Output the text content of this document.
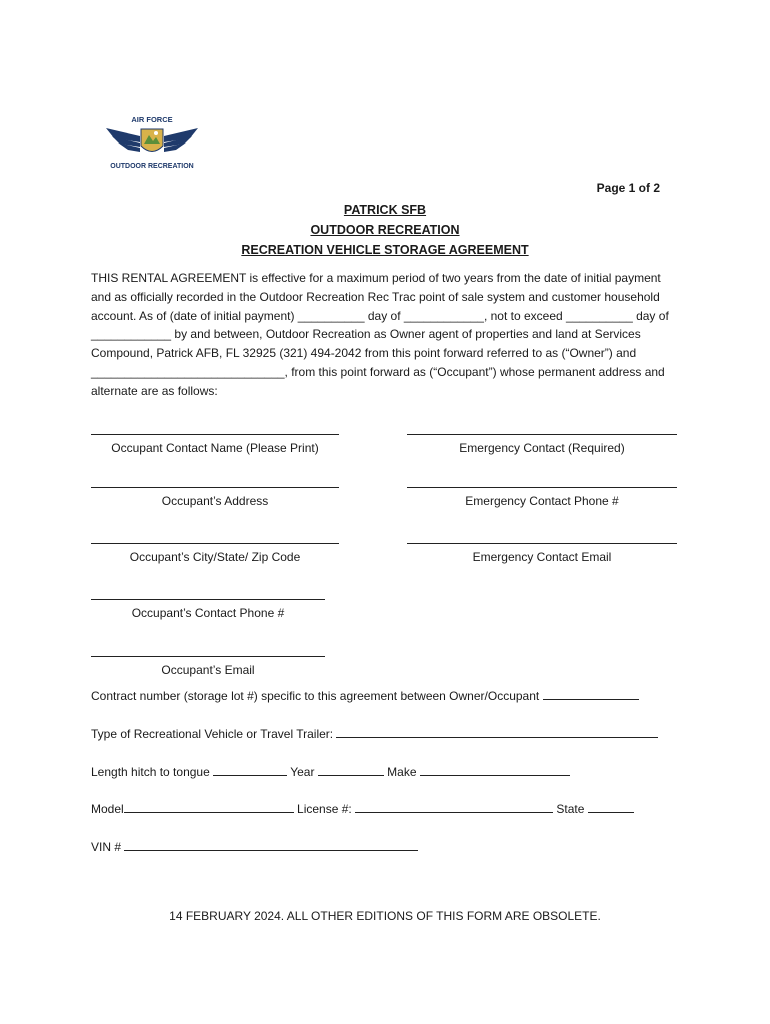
AIR FORCE
OUTDOOR RECREATION
Page 1 of 2
PATRICK SFB
OUTDOOR RECREATION
RECREATION VEHICLE STORAGE AGREEMENT
THIS RENTAL AGREEMENT is effective for a maximum period of two years from the date of initial payment and as officially recorded in the Outdoor Recreation Rec Trac point of sale system and customer household account. As of (date of initial payment) __________ day of ____________, not to exceed __________ day of ____________ by and between, Outdoor Recreation as Owner agent of properties and land at Services Compound, Patrick AFB, FL 32925 (321) 494-2042 from this point forward referred to as (“Owner”) and _____________________________, from this point forward as (“Occupant”) whose permanent address and alternate are as follows:
Occupant Contact Name (Please Print)	Emergency Contact (Required)
Occupant’s Address	Emergency Contact Phone #
Occupant’s City/State/ Zip Code	Emergency Contact Email
Occupant’s Contact Phone #
Occupant’s Email
Contract number (storage lot #) specific to this agreement between Owner/Occupant
Type of Recreational Vehicle or Travel Trailer:
Length hitch to tongue	Year	Make
Model	License #:	State
VIN #
14 FEBRUARY 2024. ALL OTHER EDITIONS OF THIS FORM ARE OBSOLETE.
